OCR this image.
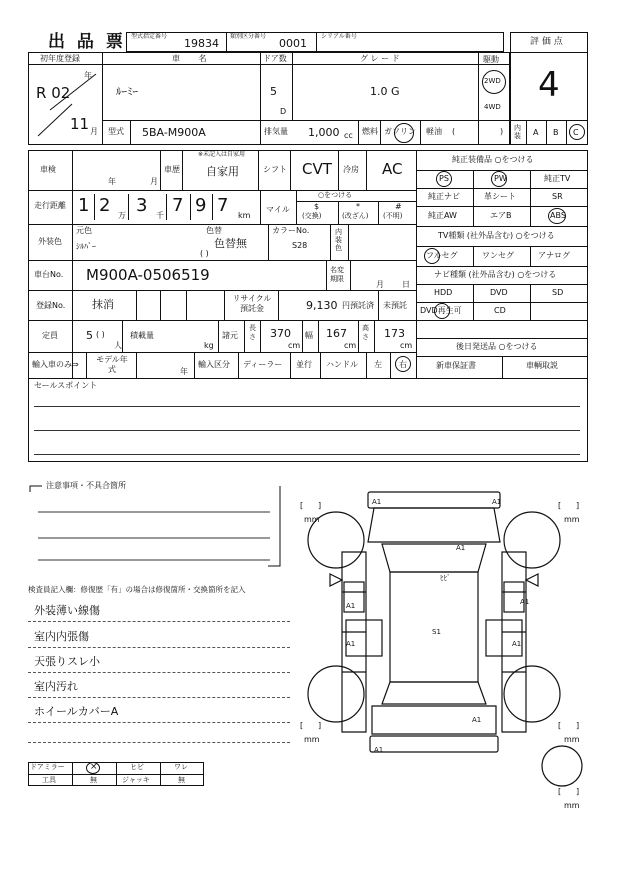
出 品 票 型式指定番号
19834
類別区分番号
0001
シリアル番号
評 価 点
4
初年度登録
R 02
年
11 月
車 名
ﾙｰﾐｰ
ドア数
5
D
グ レ ー ド
1.0 G
駆動
2WD
4WD
型式 5BA-M900A	排気量 1,000 cc 燃料 ガソリン 軽油 (	) 内装 A B C
車検
年	月
車歴
※未記入は自家用
自家用	シフト CVT 冷房 AC
走行距離 1 2 万 3 千 7 9 7 km
○をつける
マイル	$
(交換)
*
(改ざん)
#
(不明)
外装色
元色
ｼﾙﾊﾞｰ
色替
色替無
( )
カラーNo.
S28
内装色
車台No. M900A-0506519	名変期限
月 日
登録No. 抹消	リサイクル預託金	9,130 円 預託済 未預託
定員	5 ( )
人
積載量
kg
諸元
長さ 370
cm
幅 167
cm
高さ 173
cm
輸入車のみ⇒
モデル年式	年
輸入区分 ディーラー 並行 ハンドル 左 右
純正装備品 ○をつける
PS	PW	純正TV
純正ナビ	革シート	SR
純正AW	エアB	ABS
TV種類 (社外品含む) ○をつける
フルセグ	ワンセグ	アナログ
ナビ種類 (社外品含む) ○をつける
HDD	DVD	SD
DVD再生可	CD
後日発送品 ○をつける
新車保証書	車輌取説
セールスポイント
注意事項・不具合箇所
検査員記入欄：修復歴「有」の場合は修復箇所・交換箇所を記入
外装薄い線傷
室内内張傷
天張りスレ小
室内汚れ
ホイールカバーA
ドアミラー	×	ヒビ	ワレ
工具	無	ジャッキ	無
A1	A1
A1
ﾋﾋﾞ
A1	A1
A1
S1
A1
A1
A1
[ ]
mm
[ ]
mm
[ ]
mm
[ ]
mm
[ ]
mm
